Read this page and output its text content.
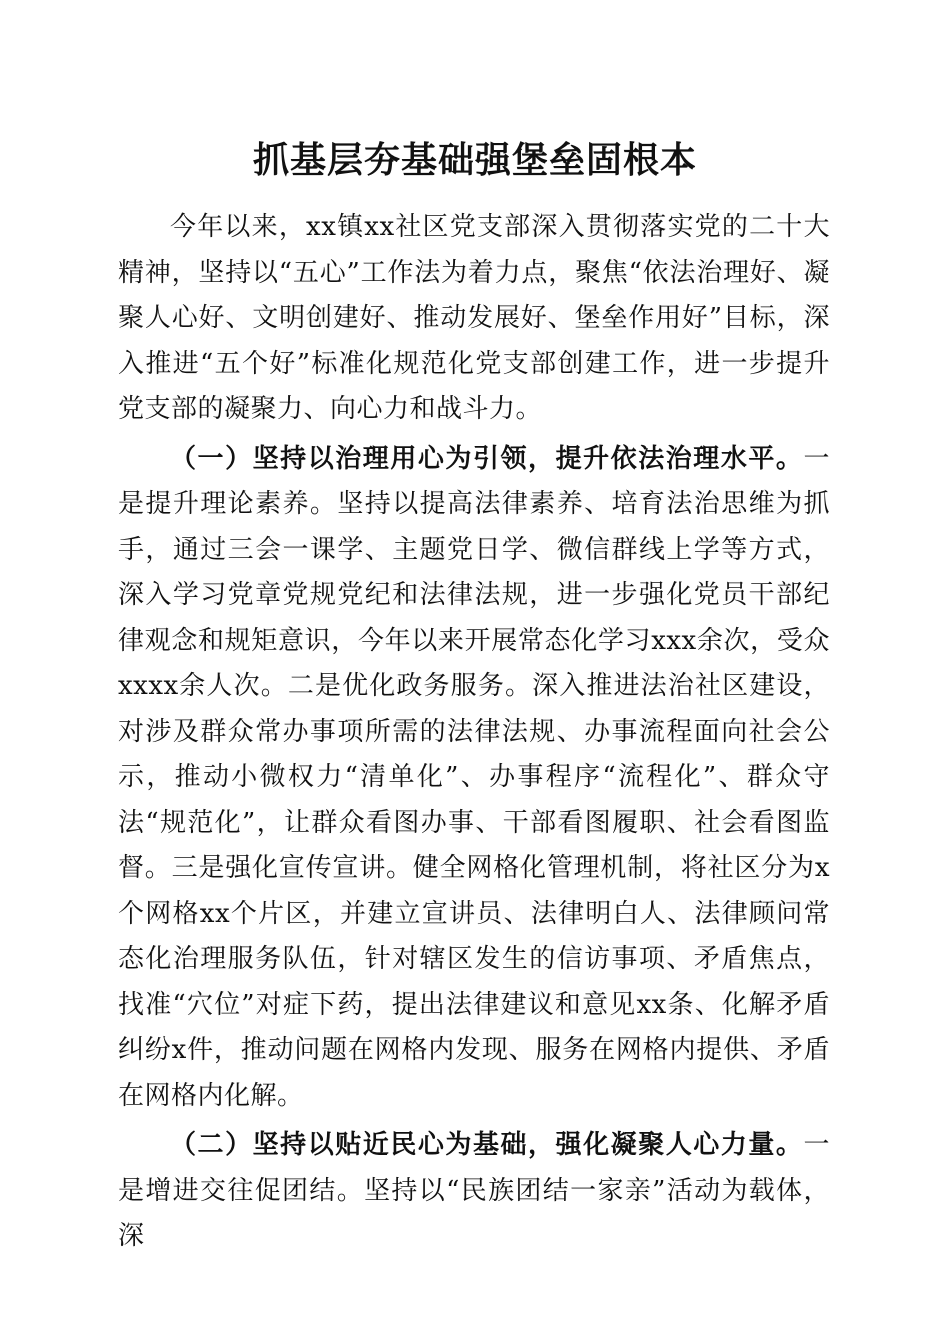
抓基层夯基础强堡垒固根本

今年以来，xx镇xx社区党支部深入贯彻落实党的二十大精神，坚持以“五心”工作法为着力点，聚焦“依法治理好、凝聚人心好、文明创建好、推动发展好、堡垒作用好”目标，深入推进“五个好”标准化规范化党支部创建工作，进一步提升党支部的凝聚力、向心力和战斗力。

（一）坚持以治理用心为引领，提升依法治理水平。一是提升理论素养。坚持以提高法律素养、培育法治思维为抓手，通过三会一课学、主题党日学、微信群线上学等方式，深入学习党章党规党纪和法律法规，进一步强化党员干部纪律观念和规矩意识，今年以来开展常态化学习xxx余次，受众xxxx余人次。二是优化政务服务。深入推进法治社区建设，对涉及群众常办事项所需的法律法规、办事流程面向社会公示，推动小微权力“清单化”、办事程序“流程化”、群众守法“规范化”，让群众看图办事、干部看图履职、社会看图监督。三是强化宣传宣讲。健全网格化管理机制，将社区分为x个网格xx个片区，并建立宣讲员、法律明白人、法律顾问常态化治理服务队伍，针对辖区发生的信访事项、矛盾焦点，找准“穴位”对症下药，提出法律建议和意见xx条、化解矛盾纠纷x件，推动问题在网格内发现、服务在网格内提供、矛盾在网格内化解。

（二）坚持以贴近民心为基础，强化凝聚人心力量。一是增进交往促团结。坚持以“民族团结一家亲”活动为载体，深
